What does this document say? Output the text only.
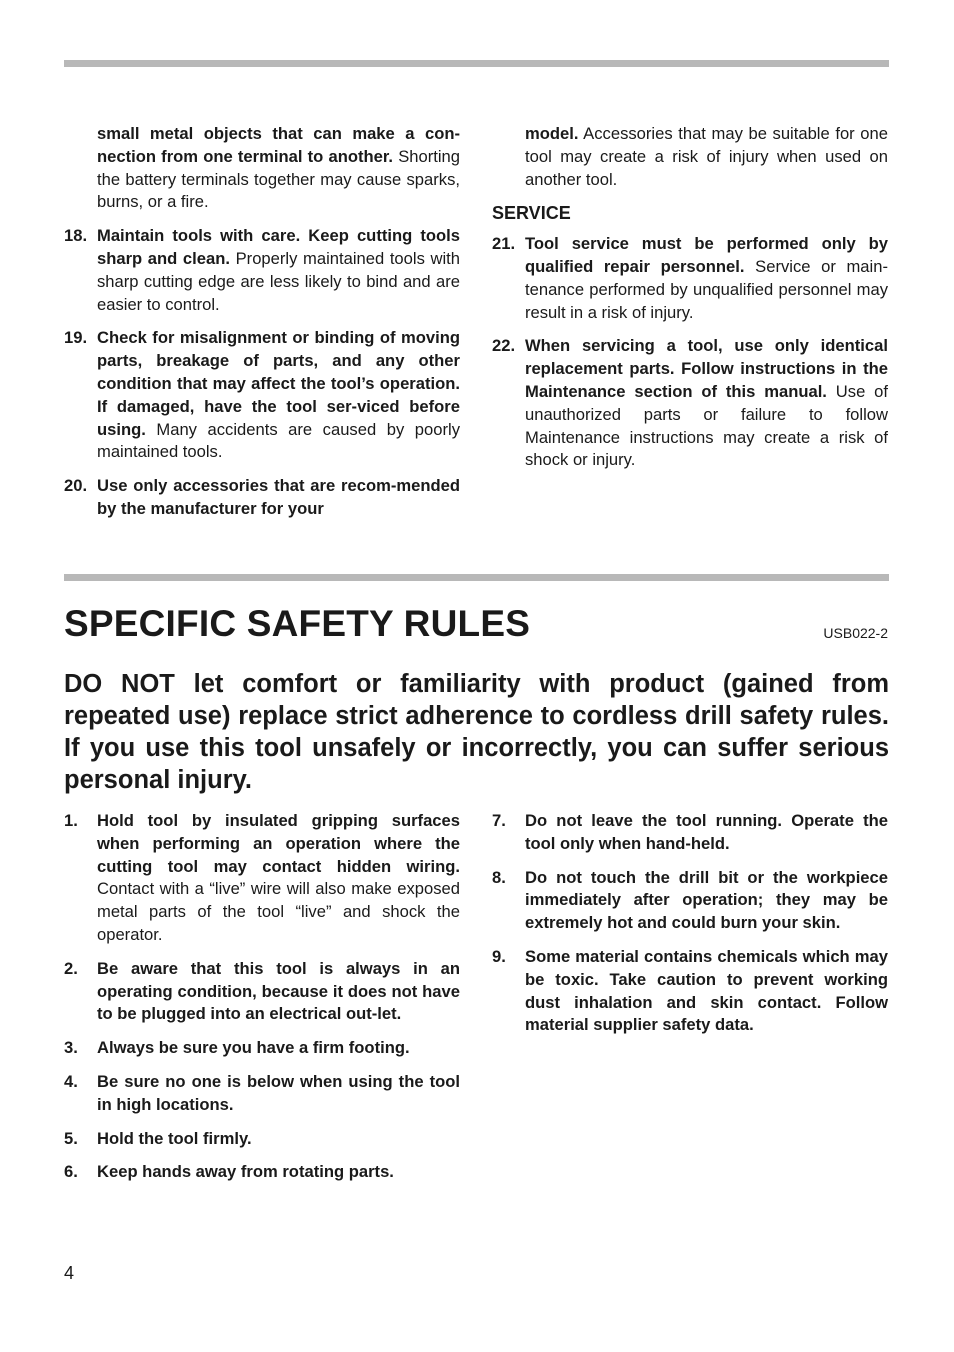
small metal objects that can make a con-nection from one terminal to another. Shorting the battery terminals together may cause sparks, burns, or a fire.
18. Maintain tools with care. Keep cutting tools sharp and clean. Properly maintained tools with sharp cutting edge are less likely to bind and are easier to control.
19. Check for misalignment or binding of moving parts, breakage of parts, and any other condition that may affect the tool’s operation. If damaged, have the tool ser-viced before using. Many accidents are caused by poorly maintained tools.
20. Use only accessories that are recom-mended by the manufacturer for your
model. Accessories that may be suitable for one tool may create a risk of injury when used on another tool.
SERVICE
21. Tool service must be performed only by qualified repair personnel. Service or main-tenance performed by unqualified personnel may result in a risk of injury.
22. When servicing a tool, use only identical replacement parts. Follow instructions in the Maintenance section of this manual. Use of unauthorized parts or failure to follow Maintenance instructions may create a risk of shock or injury.
SPECIFIC SAFETY RULES	USB022-2

DO NOT let comfort or familiarity with product (gained from repeated use) replace strict adherence to cordless drill safety rules. If you use this tool unsafely or incorrectly, you can suffer serious personal injury.

1. Hold tool by insulated gripping surfaces when performing an operation where the cutting tool may contact hidden wiring. Contact with a “live” wire will also make exposed metal parts of the tool “live” and shock the operator.
2. Be aware that this tool is always in an operating condition, because it does not have to be plugged into an electrical out-let.
3. Always be sure you have a firm footing.
4. Be sure no one is below when using the tool in high locations.
5. Hold the tool firmly.
6. Keep hands away from rotating parts.
7. Do not leave the tool running. Operate the tool only when hand-held.
8. Do not touch the drill bit or the workpiece immediately after operation; they may be extremely hot and could burn your skin.
9. Some material contains chemicals which may be toxic. Take caution to prevent working dust inhalation and skin contact. Follow material supplier safety data.
4
